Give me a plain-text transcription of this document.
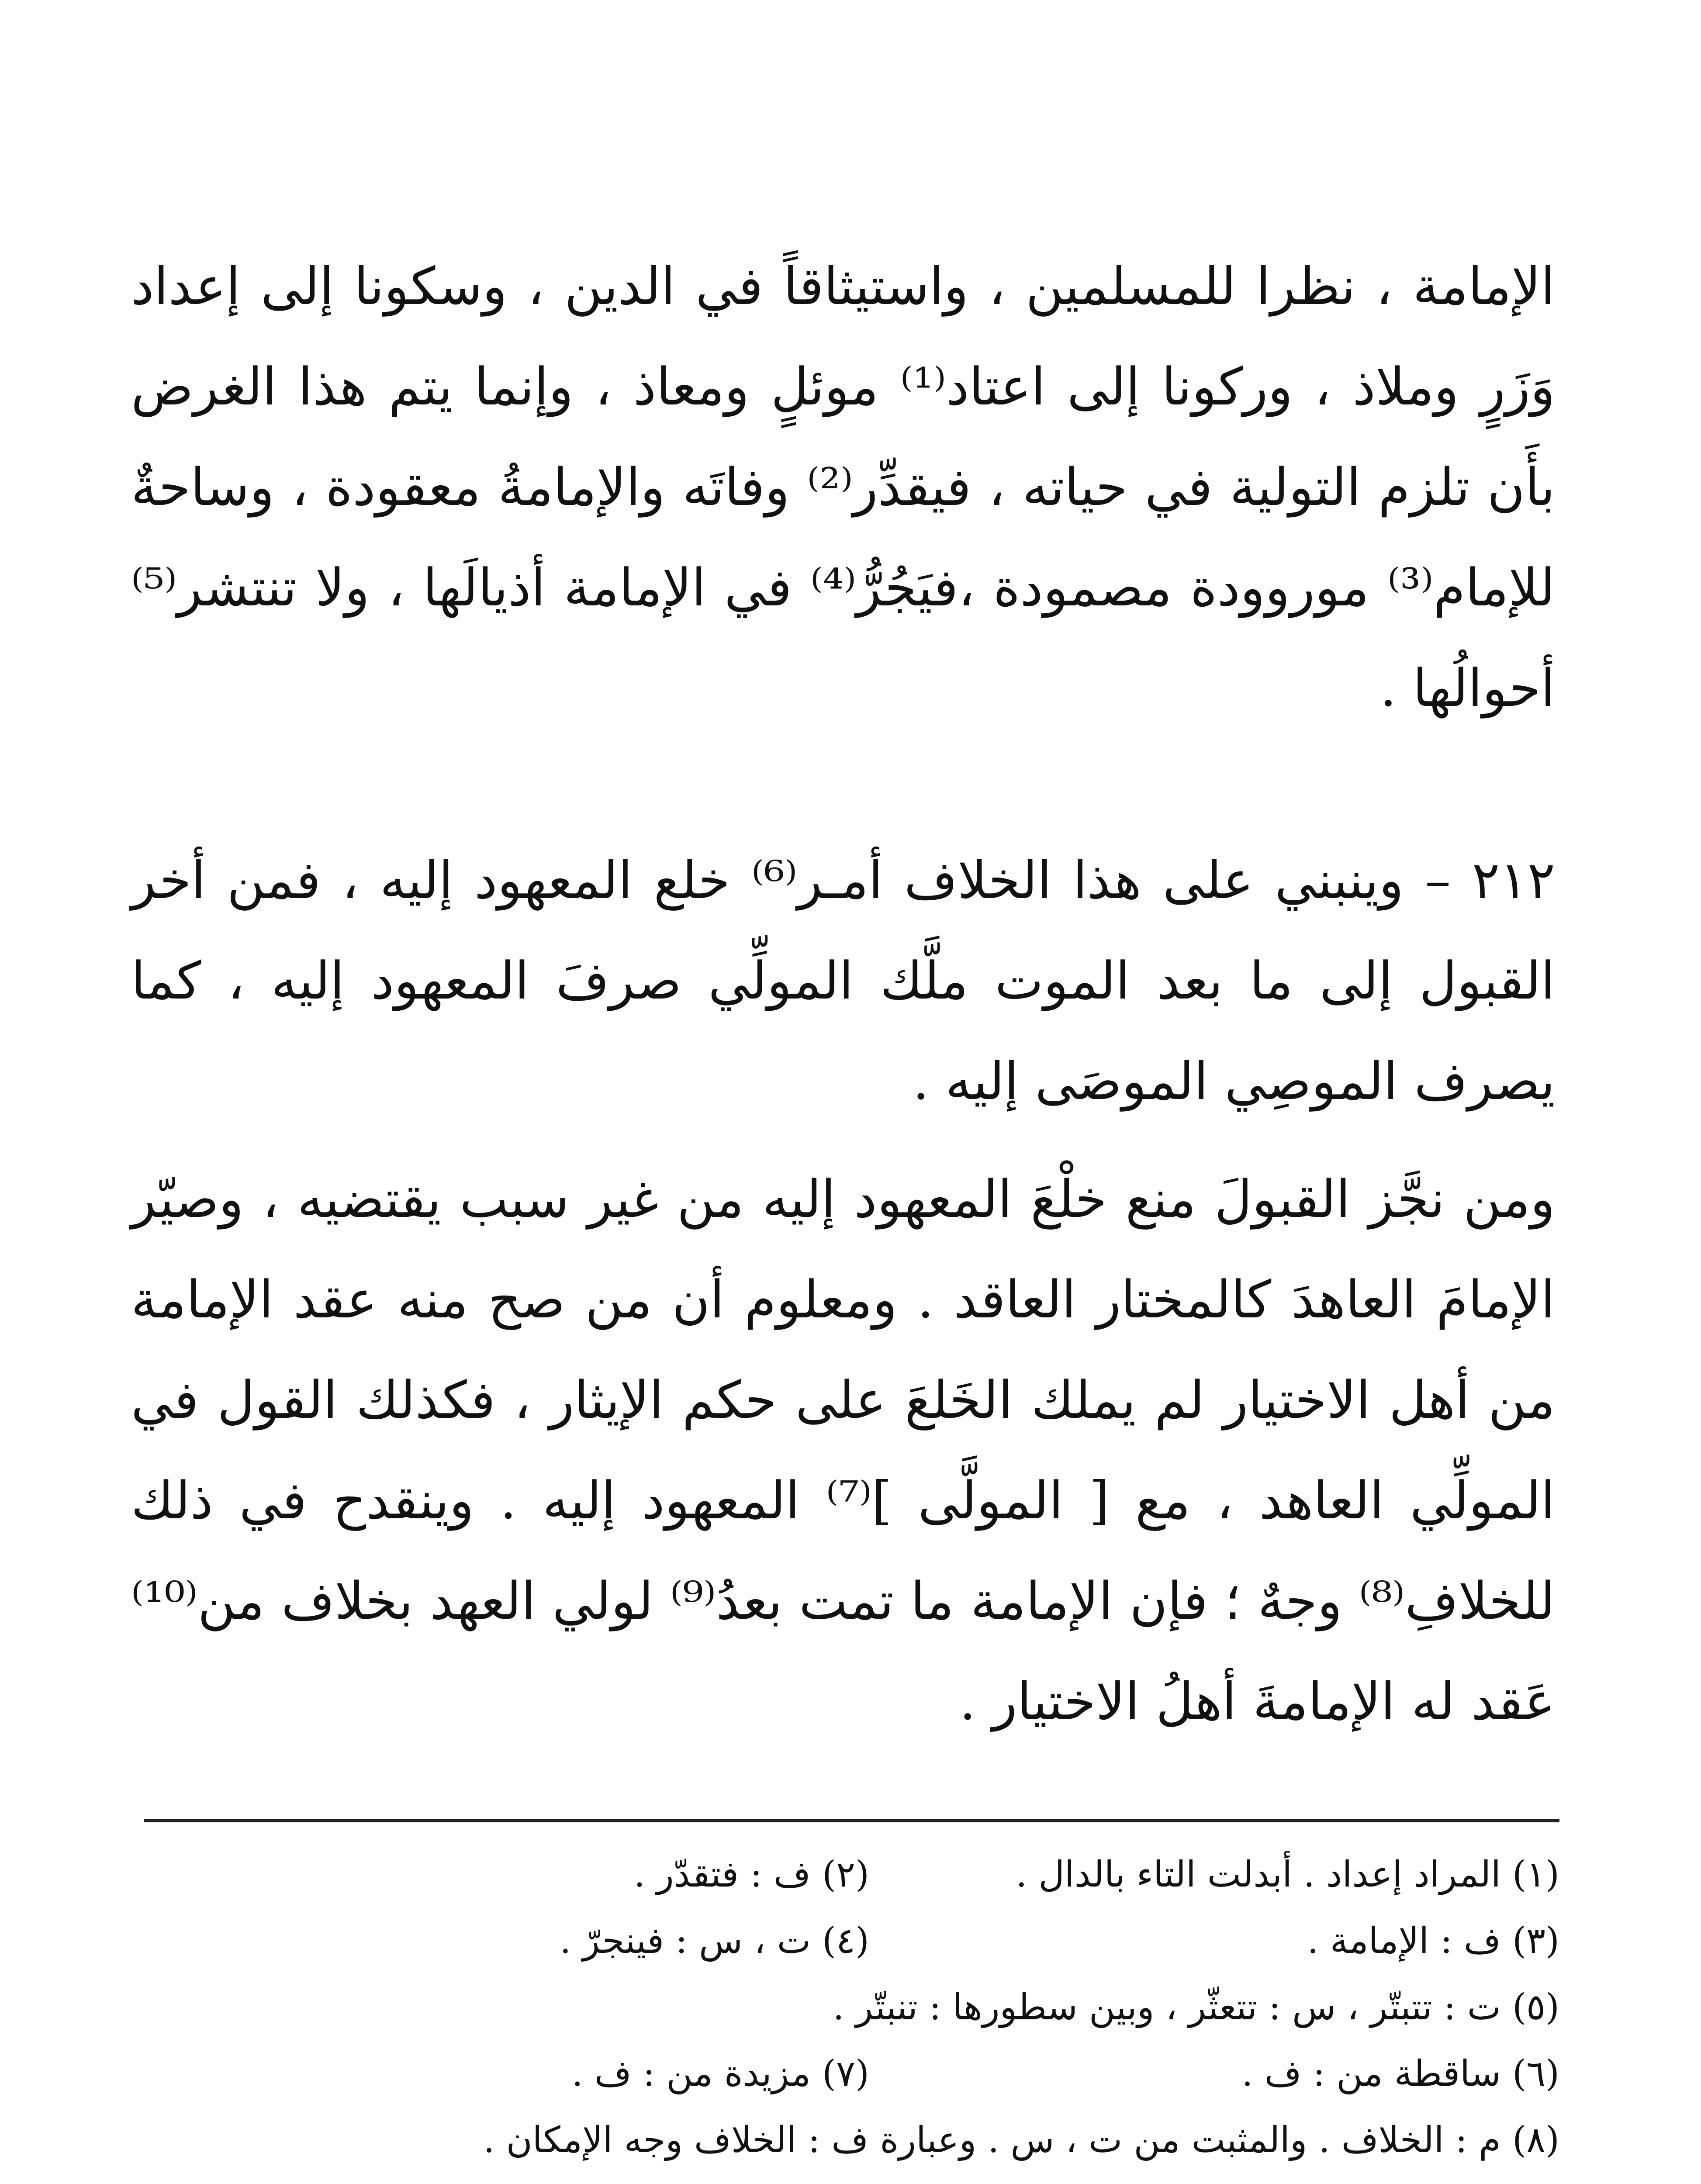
الإمامة ، نظرا للمسلمين ، واستيثاقاً في الدين ، وسكونا إلى إعداد وَزَرٍ وملاذ ، وركونا إلى اعتاد⁽¹⁾ موئلٍ ومعاذ ، وإنما يتم هذا الغرض بأَن تلزم التولية في حياته ، فيقدِّر⁽²⁾ وفاتَه والإمامةُ معقودة ، وساحةٌ للإمام⁽³⁾ موروودة مصمودة ،فيَجُرُّ⁽⁴⁾ في الإمامة أذيالَها ، ولا تنتشر⁽⁵⁾ أحوالُها .

٢١٢ – وينبني على هذا الخلاف أمـر⁽⁶⁾ خلع المعهود إليه ، فمن أخر القبول إلى ما بعد الموت ملَّك المولِّي صرفَ المعهود إليه ، كما يصرف الموصِي الموصَى إليه .

ومن نجَّز القبولَ منع خلْعَ المعهود إليه من غير سبب يقتضيه ، وصيّر الإمامَ العاهدَ كالمختار العاقد . ومعلوم أن من صح منه عقد الإمامة من أهل الاختيار لم يملك الخَلعَ على حكم الإيثار ، فكذلك القول في المولِّي العاهد ، مع [ المولَّى ]⁽⁷⁾ المعهود إليه . وينقدح في ذلك للخلافِ⁽⁸⁾ وجهٌ ؛ فإن الإمامة ما تمت بعدُ⁽⁹⁾ لولي العهد بخلاف من⁽¹⁰⁾ عَقد له الإمامةَ أهلُ الاختيار .

(١) المراد إعداد . أبدلت التاء بالدال .
(٢) ف : فتقدّر .
(٣) ف : الإمامة .
(٤) ت ، س : فينجرّ .
(٥) ت : تتبتّر ، س : تتعثّر ، وبين سطورها : تنبتّر .
(٦) ساقطة من : ف .
(٧) مزيدة من : ف .
(٨) م : الخلاف . والمثبت من ت ، س . وعبارة ف : الخلاف وجه الإمكان .
